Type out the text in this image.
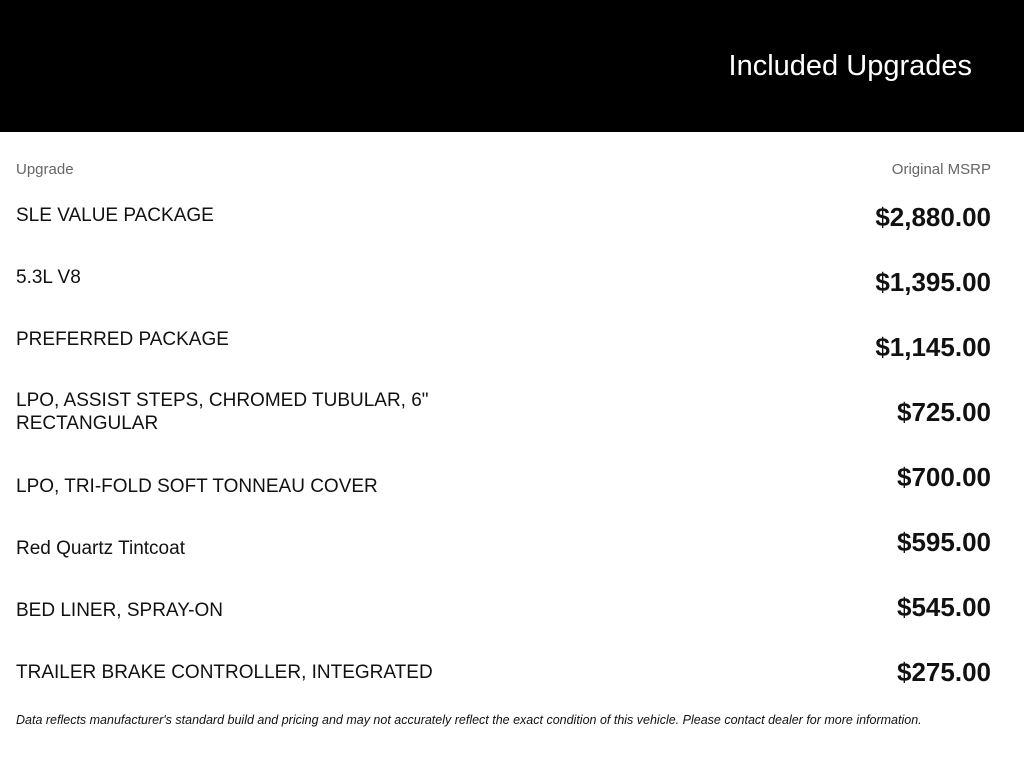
Included Upgrades
Upgrade	Original MSRP
SLE VALUE PACKAGE	$2,880.00
5.3L V8	$1,395.00
PREFERRED PACKAGE	$1,145.00
LPO, ASSIST STEPS, CHROMED TUBULAR, 6" RECTANGULAR	$725.00
LPO, TRI-FOLD SOFT TONNEAU COVER	$700.00
Red Quartz Tintcoat	$595.00
BED LINER, SPRAY-ON	$545.00
TRAILER BRAKE CONTROLLER, INTEGRATED	$275.00
Data reflects manufacturer's standard build and pricing and may not accurately reflect the exact condition of this vehicle. Please contact dealer for more information.
